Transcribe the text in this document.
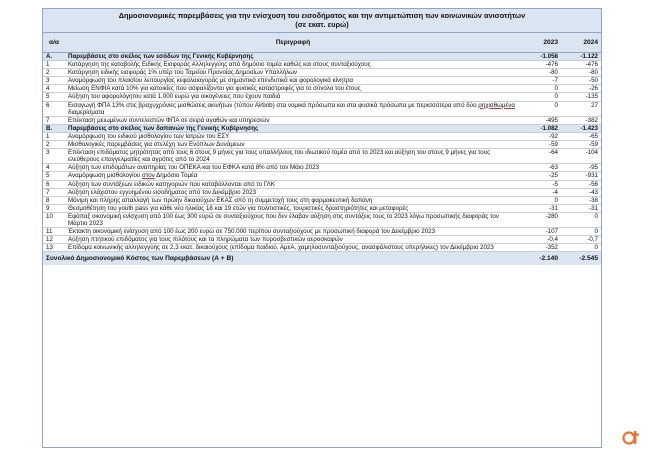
Δημοσιονομικές παρεμβάσεις για την ενίσχυση του εισοδήματος και την αντιμετώπιση των κοινωνικών ανισοτήτων
(σε εκατ. ευρώ)
α/α	Περιγραφή	2023	2024
A.	Παρεμβάσεις στο σκέλος των εσόδων της Γενικής Κυβέρνησης	-1.058	-1.122
1	Κατάργηση της καταβολής Ειδικής Εισφοράς Αλληλεγγύης από δημόσιο τομέα καθώς και στους συνταξιούχους	-476	-476
2	Κατάργηση ειδικής εισφοράς 1% υπέρ του Ταμείου Προνοίας Δημοσίων Υπαλλήλων	-80	-80
3	Αναμόρφωση του πλαισίου λειτουργίας κεφαλαιαγοράς με σημαντικά επενδυτικά και φορολογικά κίνητρα	-7	-50
4	Μείωση ΕΝΦΙΑ κατά 10% για κατοικίες που ασφαλίζονται για φυσικές καταστροφές για το σύνολο του έτους	0	-26
5	Αύξηση του αφορολόγητου κατά 1.000 ευρώ για οικογένειες που έχουν παιδιά	0	-135
6	Εισαγωγή ΦΠΑ 13% στις βραχυχρόνιες μισθώσεις ακινήτων (τύπου Airbnb) στα νομικά πρόσωπα και στα φυσικά πρόσωπα με περισσότερα από δύο ρηχισθωμένα διαμερίσματα	0	27
7	Επέκταση μειωμένων συντελεστών ΦΠΑ σε σειρά αγαθών και υπηρεσιών	-495	-382
B.	Παρεμβάσεις στο σκέλος των δαπανών της Γενικής Κυβέρνησης	-1.082	-1.423
1	Αναμόρφωση του ειδικού μισθολογίου των Ιατρών του ΕΣΥ	-92	-65
2	Μισθολογικές παρεμβάσεις για στελέχη των Ενόπλων Δυνάμεων	-59	-59
3	Επέκταση επιδόματος μητρότητας από τους 6 στους 9 μήνες για τους υπαλλήλους του ιδιωτικού τομέα από το 2023 και αύξηση του στους 9 μήνες για τους ελεύθερους επαγγελματίες και αγρότες από το 2024	-64	-104
4	Αύξηση των επιδομάτων αναπηρίας του ΟΠΕΚΑ και του ΕΦΚΑ κατά 8% από τον Μάιο 2023	-63	-95
5	Αναμόρφωση μισθολογίου στον Δημόσιο Τομέα	-25	-931
6	Αύξηση των συντάξεων ειδικών κατηγοριών που καταβάλλονται από το ΓΛΚ	-5	-56
7	Αύξηση ελάχιστου εγγυημένου εισοδήματος από τον Δεκέμβριο 2023	-4	-43
8	Μόνιμη και πλήρης απαλλαγή των πρώην δικαιούχων ΕΚΑΣ από τη συμμετοχή τους στη φαρμακευτική δαπάνη	0	-38
9	Θεσμοθέτηση του youth pass για κάθε νέο ηλικίας 18 και 19 ετών για πολιτιστικές, τουριστικές δραστηριότητες και μεταφορές	-31	-31
10	Εφάπαξ οικονομική ενίσχυση από 100 έως 300 ευρώ σε συνταξιούχους που δεν έλαβαν αύξηση στις συντάξεις τους το 2023 λόγω προσωπικής διαφοράς τον Μάρτιο 2023	-280	0
11	Έκτακτη οικονομική ενίσχυση από 100 έως 200 ευρώ σε 750.000 περίπου συνταξιούχους με προσωπική διαφορά τον Δεκέμβριο 2023	-107	0
12	Αύξηση πτητικού επιδόματος για τους πιλότους και τα πληρώματα των πυροσβεστικών αεροσκαφών	-0,4	-0,7
13	Επίδομα κοινωνικής αλληλεγγύης σε 2,3 εκατ. δικαιούχους (επίδομα παιδιού, ΑμεΑ, χαμηλοσυνταξιούχους, ανασφάλιστους υπερήλικες) τον Δεκέμβριο 2023	-352	0
Συνολικό Δημοσιονομικό Κόστος των Παρεμβάσεων (Α + Β)		-2.140	-2.545
